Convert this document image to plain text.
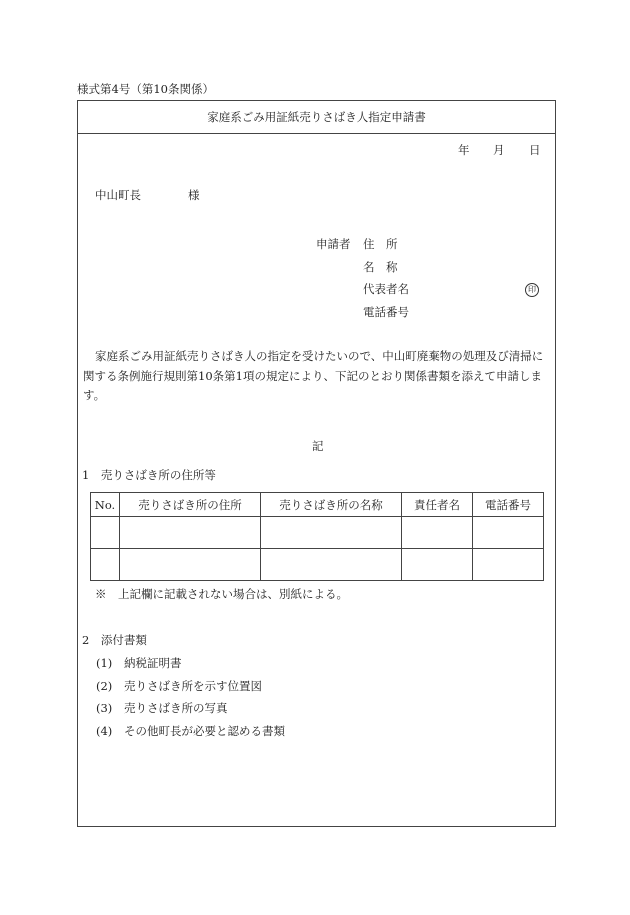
様式第4号（第10条関係）
家庭系ごみ用証紙売りさばき人指定申請書
年 月 日
中山町長	様
申請者 住　所
名　称
代表者名	印
電話番号
家庭系ごみ用証紙売りさばき人の指定を受けたいので、中山町廃棄物の処理及び清掃に関する条例施行規則第10条第1項の規定により、下記のとおり関係書類を添えて申請します。
記
1　売りさばき所の住所等
No.	売りさばき所の住所	売りさばき所の名称	責任者名	電話番号

※　上記欄に記載されない場合は、別紙による。
2　添付書類
(1) 納税証明書
(2) 売りさばき所を示す位置図
(3) 売りさばき所の写真
(4) その他町長が必要と認める書類
